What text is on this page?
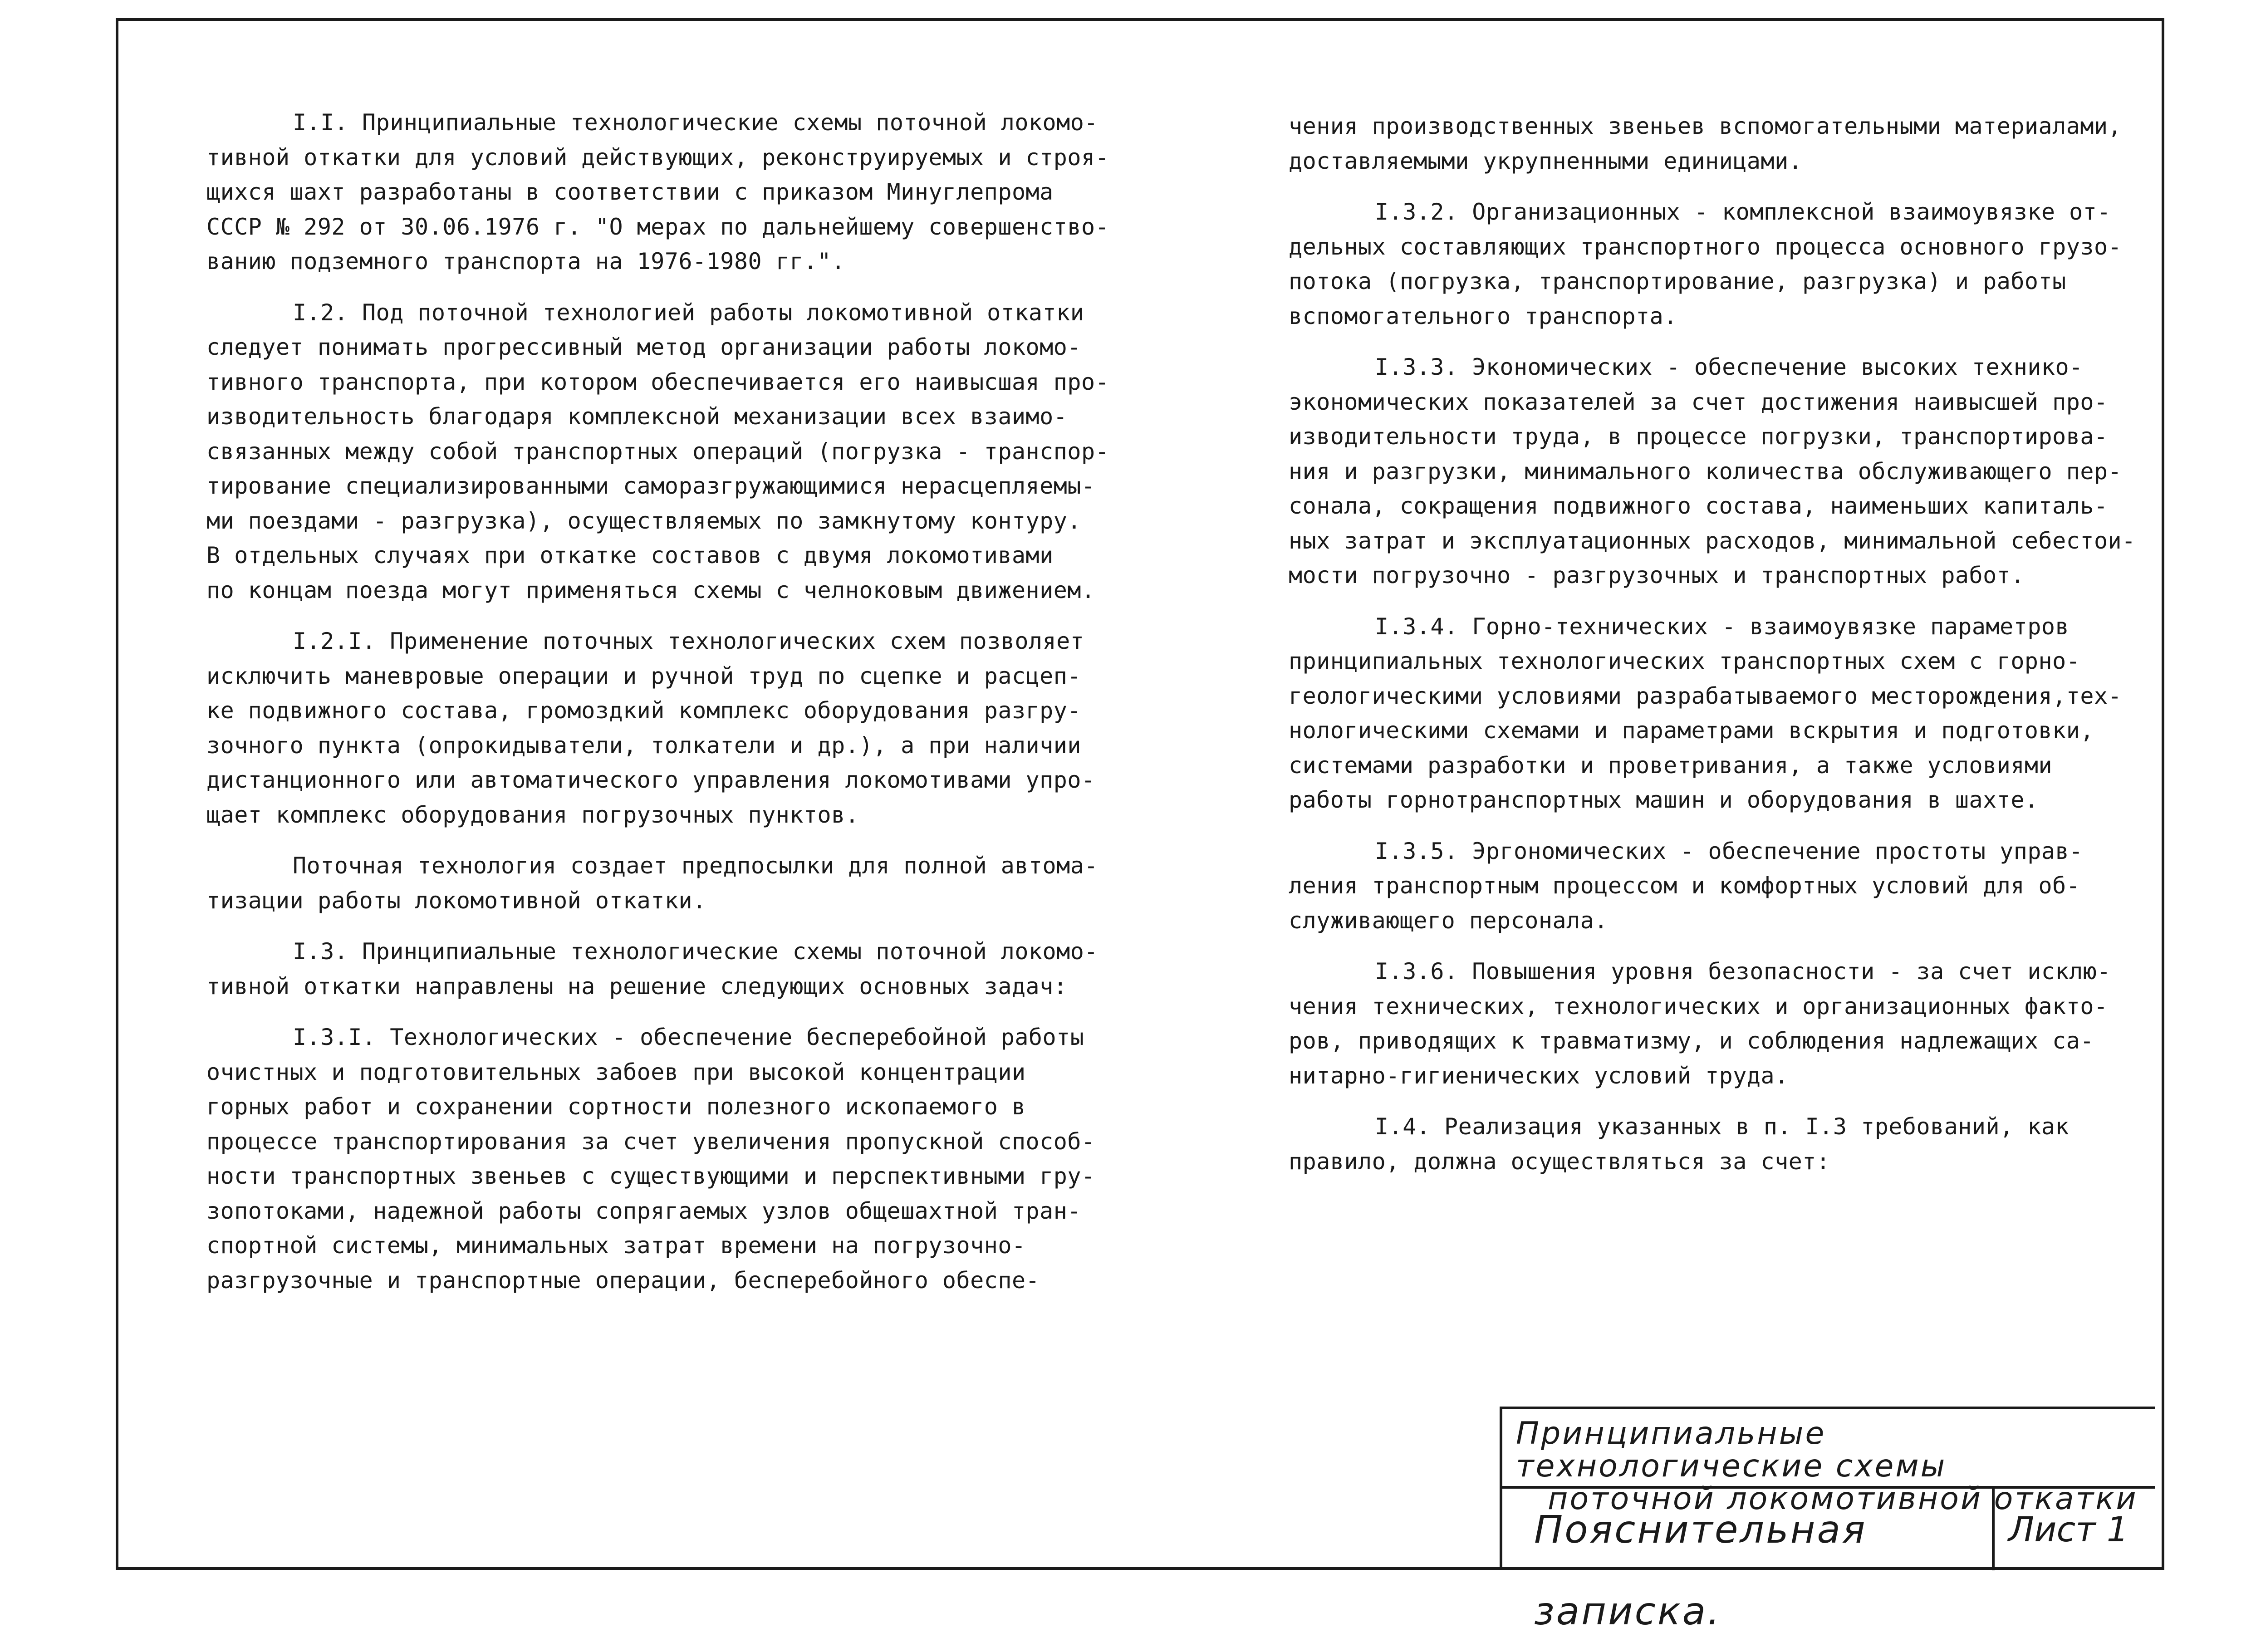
I.I. Принципиальные технологические схемы поточной локомо-
тивной откатки для условий действующих, реконструируемых и строя-
щихся шахт разработаны в соответствии с приказом Минуглепрома
СССР № 292 от 30.06.1976 г. "О мерах по дальнейшему совершенство-
ванию подземного транспорта на 1976-1980 гг.".

I.2. Под поточной технологией работы локомотивной откатки
следует понимать прогрессивный метод организации работы локомо-
тивного транспорта, при котором обеспечивается его наивысшая про-
изводительность благодаря комплексной механизации всех взаимо-
связанных между собой транспортных операций (погрузка - транспор-
тирование специализированными саморазгружающимися нерасцепляемы-
ми поездами - разгрузка), осуществляемых по замкнутому контуру.
В отдельных случаях при откатке составов с двумя локомотивами
по концам поезда могут применяться схемы с челноковым движением.

I.2.I. Применение поточных технологических схем позволяет
исключить маневровые операции и ручной труд по сцепке и расцеп-
ке подвижного состава, громоздкий комплекс оборудования разгру-
зочного пункта (опрокидыватели, толкатели и др.), а при наличии
дистанционного или автоматического управления локомотивами упро-
щает комплекс оборудования погрузочных пунктов.

Поточная технология создает предпосылки для полной автома-
тизации работы локомотивной откатки.

I.3. Принципиальные технологические схемы поточной локомо-
тивной откатки направлены на решение следующих основных задач:

I.3.I. Технологических - обеспечение бесперебойной работы
очистных и подготовительных забоев при высокой концентрации
горных работ и сохранении сортности полезного ископаемого в
процессе транспортирования за счет увеличения пропускной способ-
ности транспортных звеньев с существующими и перспективными гру-
зопотоками, надежной работы сопрягаемых узлов общешахтной тран-
спортной системы, минимальных затрат времени на погрузочно-
разгрузочные и транспортные операции, бесперебойного обеспе-

чения производственных звеньев вспомогательными материалами,
доставляемыми укрупненными единицами.

I.3.2. Организационных - комплексной взаимоувязке от-
дельных составляющих транспортного процесса основного грузо-
потока (погрузка, транспортирование, разгрузка) и работы
вспомогательного транспорта.

I.3.3. Экономических - обеспечение высоких технико-
экономических показателей за счет достижения наивысшей про-
изводительности труда, в процессе погрузки, транспортирова-
ния и разгрузки, минимального количества обслуживающего пер-
сонала, сокращения подвижного состава, наименьших капиталь-
ных затрат и эксплуатационных расходов, минимальной себестои-
мости погрузочно - разгрузочных и транспортных работ.

I.3.4. Горно-технических - взаимоувязке параметров
принципиальных технологических транспортных схем с горно-
геологическими условиями разрабатываемого месторождения,тех-
нологическими схемами и параметрами вскрытия и подготовки,
системами разработки и проветривания, а также условиями
работы горнотранспортных машин и оборудования в шахте.

I.3.5. Эргономических - обеспечение простоты управ-
ления транспортным процессом и комфортных условий для об-
служивающего персонала.

I.3.6. Повышения уровня безопасности - за счет исклю-
чения технических, технологических и организационных факто-
ров, приводящих к травматизму, и соблюдения надлежащих са-
нитарно-гигиенических условий труда.

I.4. Реализация указанных в п. I.3 требований, как
правило, должна осуществляться за счет:

Принципиальные технологические схемы
поточной локомотивной откатки
Пояснительная записка.
Лист 1
